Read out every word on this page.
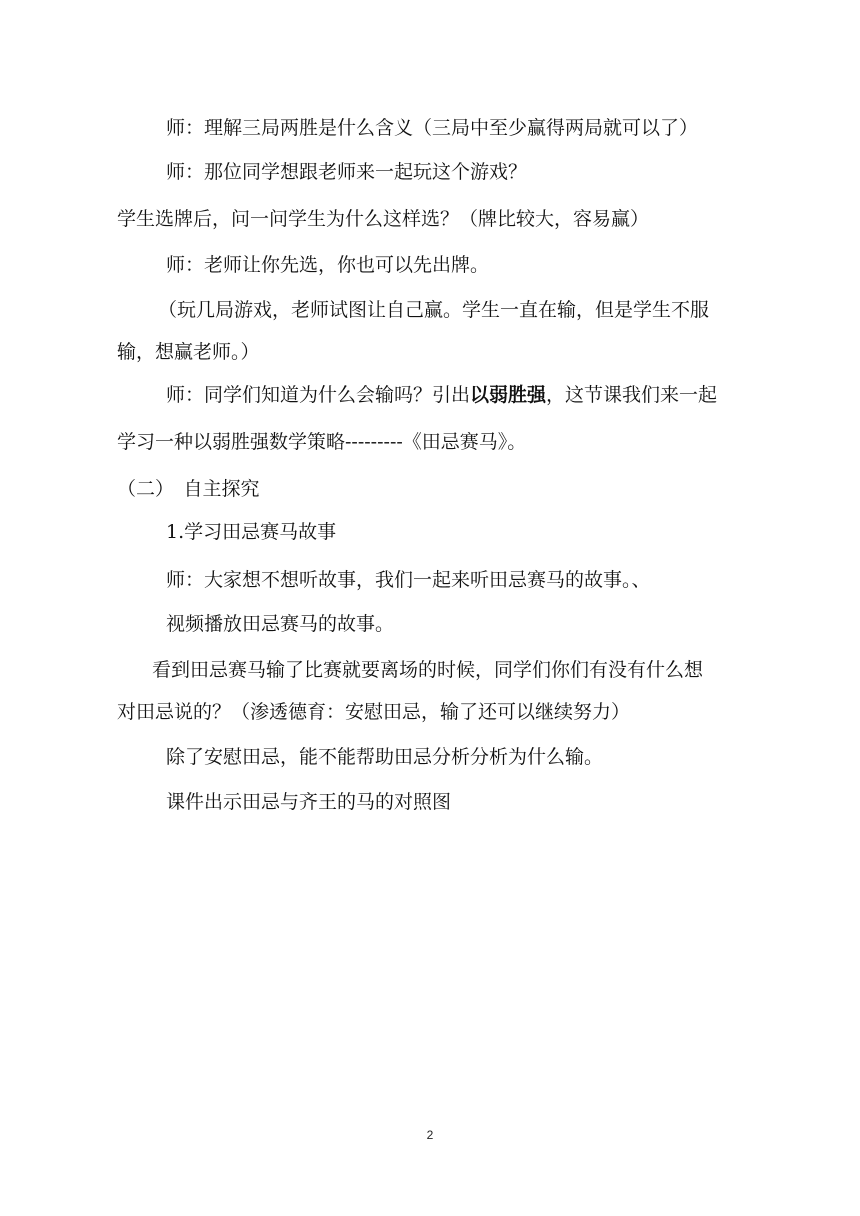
师：理解三局两胜是什么含义（三局中至少赢得两局就可以了）
师：那位同学想跟老师来一起玩这个游戏？
学生选牌后，问一问学生为什么这样选？（牌比较大，容易赢）
师：老师让你先选，你也可以先出牌。
（玩几局游戏，老师试图让自己赢。学生一直在输，但是学生不服
输，想赢老师。）
师：同学们知道为什么会输吗？引出以弱胜强，这节课我们来一起
学习一种以弱胜强数学策略---------《田忌赛马》。
（二）　自主探究
1.学习田忌赛马故事
师：大家想不想听故事，我们一起来听田忌赛马的故事。、
视频播放田忌赛马的故事。
看到田忌赛马输了比赛就要离场的时候，同学们你们有没有什么想
对田忌说的？（渗透德育：安慰田忌，输了还可以继续努力）
除了安慰田忌，能不能帮助田忌分析分析为什么输。
课件出示田忌与齐王的马的对照图
2
